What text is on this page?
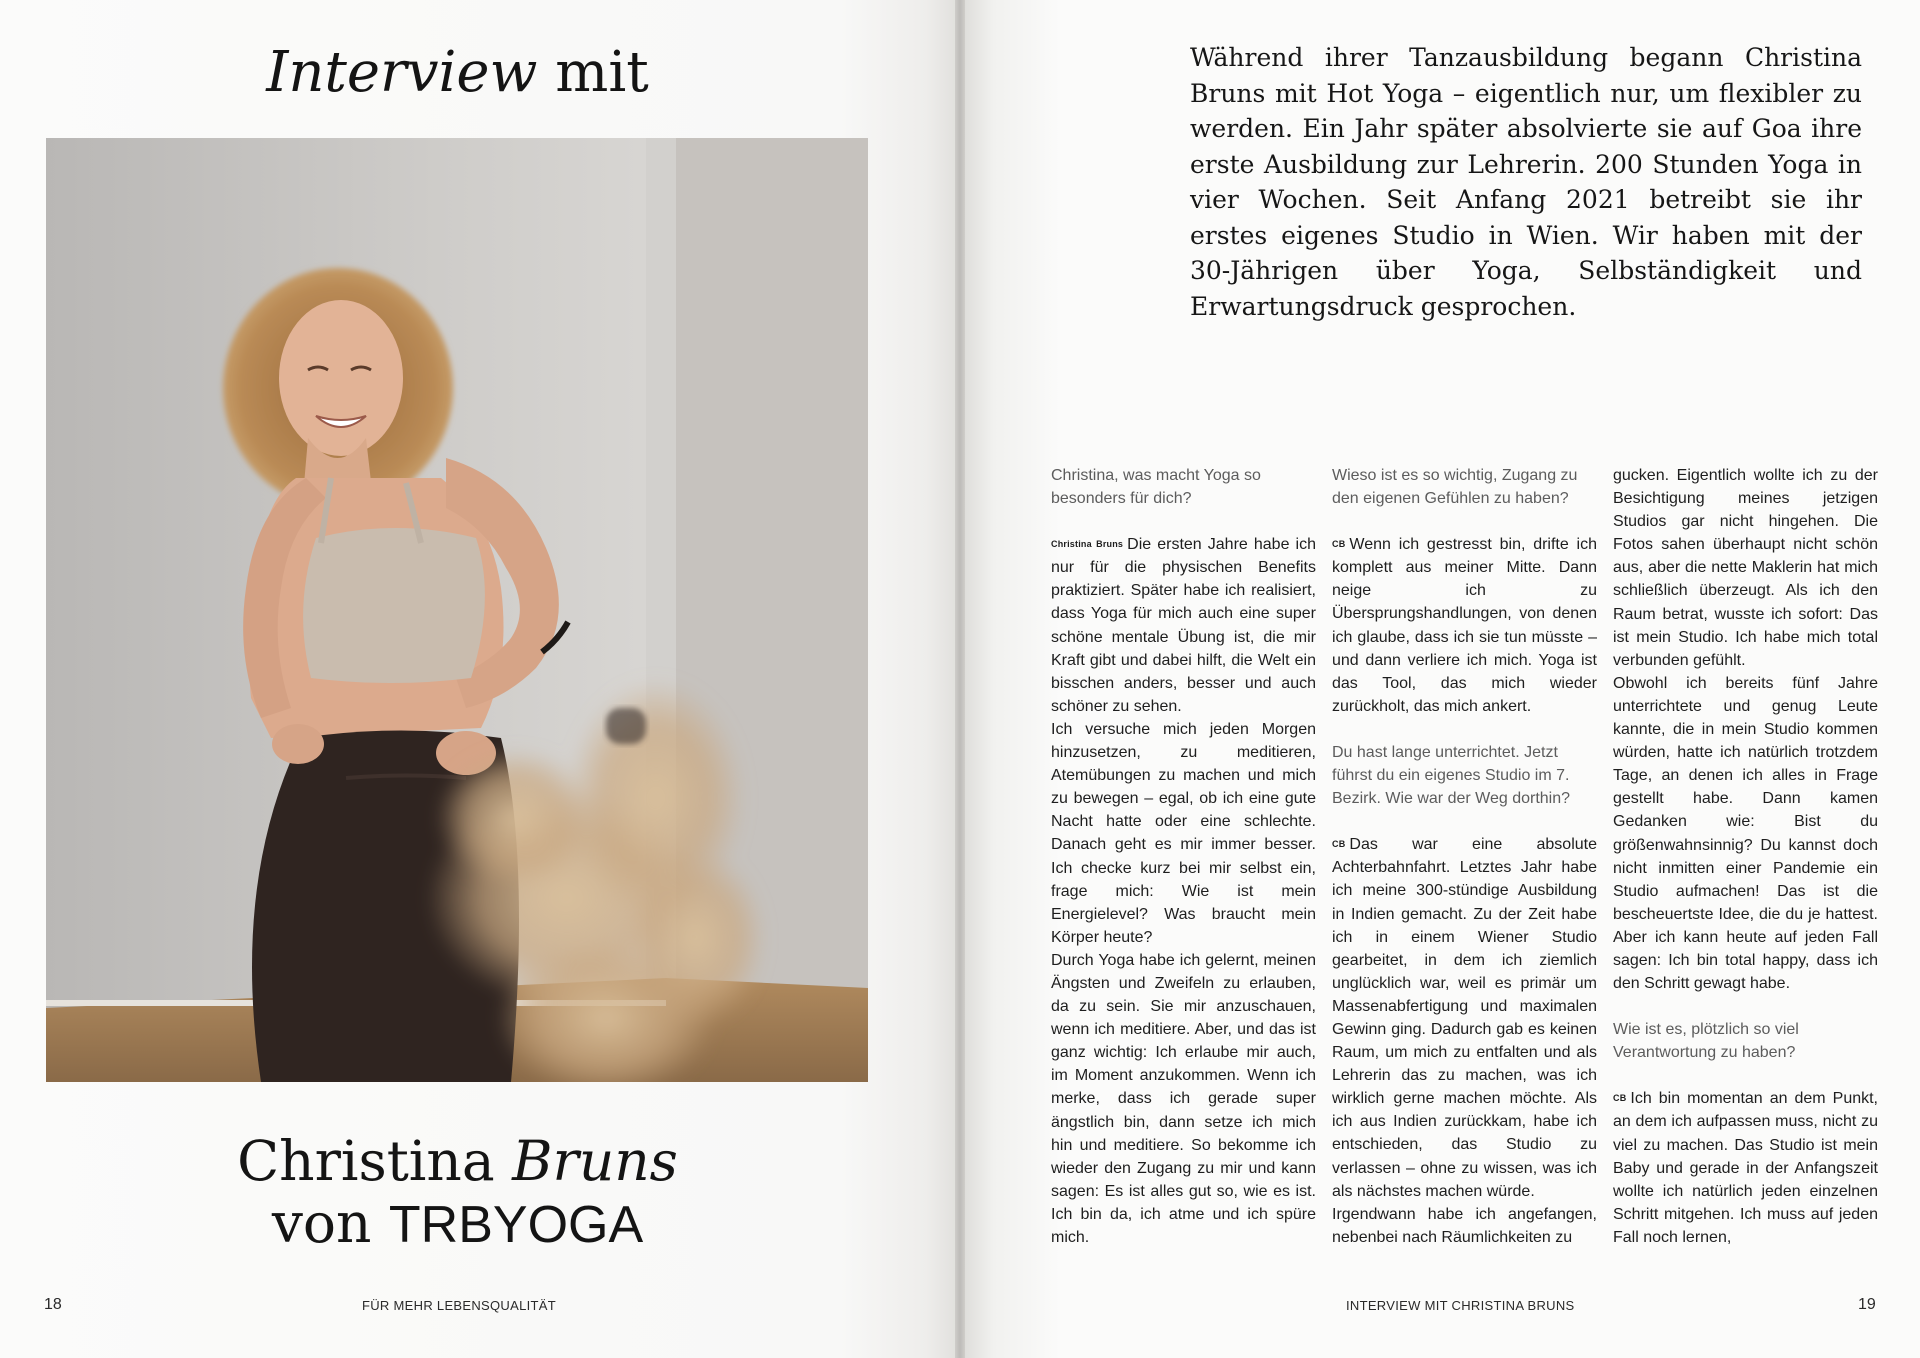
Interview mit
Christina Bruns
von TRBYOGA
18	FÜR MEHR LEBENSQUALITÄT
Während ihrer Tanzausbildung begann Christina Bruns mit Hot Yoga – eigentlich nur, um flexibler zu werden. Ein Jahr später absolvierte sie auf Goa ihre erste Ausbildung zur Lehrerin. 200 Stunden Yoga in vier Wochen. Seit Anfang 2021 betreibt sie ihr erstes eigenes Studio in Wien. Wir haben mit der 30-Jährigen über Yoga, Selbständigkeit und Erwartungsdruck gesprochen.

Christina, was macht Yoga so besonders für dich?

Christina Bruns Die ersten Jahre habe ich nur für die physischen Benefits praktiziert. Später habe ich realisiert, dass Yoga für mich auch eine super schöne mentale Übung ist, die mir Kraft gibt und dabei hilft, die Welt ein bisschen anders, besser und auch schöner zu sehen.

Ich versuche mich jeden Morgen hinzusetzen, zu meditieren, Atemübungen zu machen und mich zu bewegen – egal, ob ich eine gute Nacht hatte oder eine schlechte. Danach geht es mir immer besser. Ich checke kurz bei mir selbst ein, frage mich: Wie ist mein Energielevel? Was braucht mein Körper heute?

Durch Yoga habe ich gelernt, meinen Ängsten und Zweifeln zu erlauben, da zu sein. Sie mir anzuschauen, wenn ich meditiere. Aber, und das ist ganz wichtig: Ich erlaube mir auch, im Moment anzukommen. Wenn ich merke, dass ich gerade super ängstlich bin, dann setze ich mich hin und meditiere. So bekomme ich wieder den Zugang zu mir und kann sagen: Es ist alles gut so, wie es ist. Ich bin da, ich atme und ich spüre mich.

Wieso ist es so wichtig, Zugang zu den eigenen Gefühlen zu haben?

CB Wenn ich gestresst bin, drifte ich komplett aus meiner Mitte. Dann neige ich zu Übersprungshandlungen, von denen ich glaube, dass ich sie tun müsste – und dann verliere ich mich. Yoga ist das Tool, das mich wieder zurückholt, das mich ankert.

Du hast lange unterrichtet. Jetzt führst du ein eigenes Studio im 7. Bezirk. Wie war der Weg dorthin?

CB Das war eine absolute Achterbahnfahrt. Letztes Jahr habe ich meine 300-stündige Ausbildung in Indien gemacht. Zu der Zeit habe ich in einem Wiener Studio gearbeitet, in dem ich ziemlich unglücklich war, weil es primär um Massenabfertigung und maximalen Gewinn ging. Dadurch gab es keinen Raum, um mich zu entfalten und als Lehrerin das zu machen, was ich wirklich gerne machen möchte. Als ich aus Indien zurückkam, habe ich entschieden, das Studio zu verlassen – ohne zu wissen, was ich als nächstes machen würde.

Irgendwann habe ich angefangen, nebenbei nach Räumlichkeiten zu

gucken. Eigentlich wollte ich zu der Besichtigung meines jetzigen Studios gar nicht hingehen. Die Fotos sahen überhaupt nicht schön aus, aber die nette Maklerin hat mich schließlich überzeugt. Als ich den Raum betrat, wusste ich sofort: Das ist mein Studio. Ich habe mich total verbunden gefühlt.

Obwohl ich bereits fünf Jahre unterrichtete und genug Leute kannte, die in mein Studio kommen würden, hatte ich natürlich trotzdem Tage, an denen ich alles in Frage gestellt habe. Dann kamen Gedanken wie: Bist du größenwahnsinnig? Du kannst doch nicht inmitten einer Pandemie ein Studio aufmachen! Das ist die bescheuertste Idee, die du je hattest. Aber ich kann heute auf jeden Fall sagen: Ich bin total happy, dass ich den Schritt gewagt habe.

Wie ist es, plötzlich so viel Verantwortung zu haben?

CB Ich bin momentan an dem Punkt, an dem ich aufpassen muss, nicht zu viel zu machen. Das Studio ist mein Baby und gerade in der Anfangszeit wollte ich natürlich jeden einzelnen Schritt mitgehen. Ich muss auf jeden Fall noch lernen,

INTERVIEW MIT CHRISTINA BRUNS	19
